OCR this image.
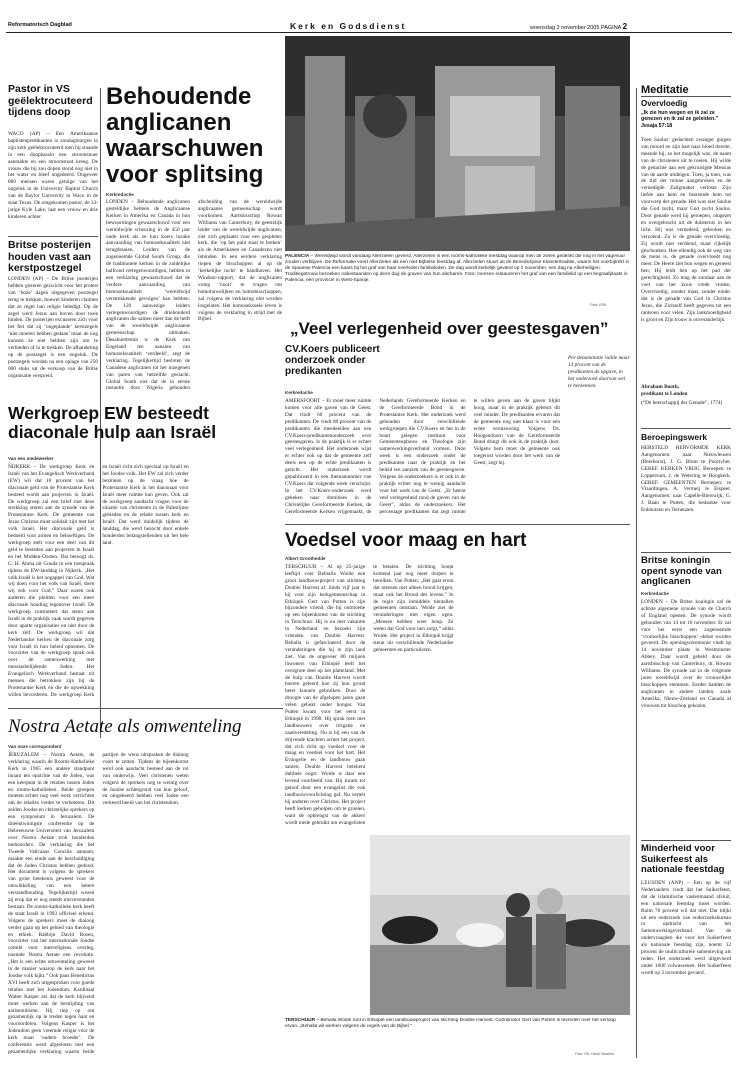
Reformatorisch Dagblad	Kerk en Godsdienst	woensdag 2 november 2005 PAGINA 2
Pastor in VS geëlektrocuteerd tijdens doop
WACO (AP) – Een Amerikaanse baptistenpredikanten is zondagmorgen in zijn kerk geëlektrocuteerd toen hij staande in een doopbassin een stroomsnoer aanraakte en een stroomstoot kreeg. De vrouw die bij zou dopen stond nog niet in het water en bleef ongedeerd. Ongeveer 800 mensen waren getuige van het ongeluk in de University Baptist Church van de Baylor University in Waco in de staat Texas. De omgekomen pastor, de 33-jarige Kyle Lake, laat een vrouw en drie kinderen achter.
Britse posterijen houden vast aan kerstpostzegel
LONDEN (AP) – De Britse posterijen hebben gisteren gezwicht voor het protest van ‘boze’ dagen uitgegeven postzegel terug te trekken, hoewel kinderen claimen dat ze regel han religie beledigt. Op de zegel werd Jezus aan boven door twee hinden. De posterijen excuseren zich voor het feit dat zij ‘ongeplande’ kerstzegels ‘niet moeten hebben gedaan’ maar de nog kunnen ze niet hebben zijn om te verbieden of in te trekken. De afhandeling op de postzegel is een ongeluk. De postzegels worden na een oplage van 250 000 stuks uit de verkoop van de Britse organisatie verspreid.
Behoudende anglicanen waarschuwen voor splitsing
Kerkredactie
LONDEN – Behoudende anglicanen gesteldijke hebben de Anglicaanse Kerken in Amerika en Canada in hun bewoordingen gewaarschuwd voor een wereldwijde scheuring in de 450 jaar oude kerk als ze hun koers inzake aanvaarding van homoseksualiteit niet terugdraaien. Leiders van de zogenoemde Global South Group, die de traditionele kerken in de zuidelijke halfrond vertegenwoordigen, hebben in een verklaring gewaarschuwd dat de verdere aanvaarding van homoseksualiteit ‘wereldwijd verstrekkende gevolgen’ kan hebben. De 120 aanwezige leiders vertegenwoordigen de driehonderd anglicanen die samen meer dan de helft van de wereldwijde anglicaanse gemeenschap uitmaken. Desalniettemin is de Kerk van Engeland ten aanzien van homoseksualiteit ‘verdeeld’, zegt de verklaring. Tegelijkertijd besloten de Canadese anglicanen tot het inzegenen van paren van hetzelfde geslacht. Global South eist dat de in eerste instantie door Nigeria gehouden afscheiding van de wereldwijde anglicaanse gemeenschap wordt voorkomen. Aartsbisschop Rowan Williams van Canterbury, de geestelijk leider van de wereldwijde anglicanen, ziet zich geplaatst voor een gespleten kerk, die ‘op het punt staat te breken’ als de Amerikanen en Canadezen niet inbinden. In een eerdere verklaring riepen de bisschoppen al op de ‘kerkelijke tucht’ te handhaven. Het Windsor-rapport, dat de anglicanen vroeg ‘nooit’ te vragen om homohuwelijken en homobisschoppen, zal volgens de verklaring niet worden losgelaten. Het homoseksuele leven is volgens de verklaring in strijd met de Bijbel.
PALENCIA – Wereldwijd wordt vandaag Allerzielen gevierd. Allerzielen is een rooms-katholieke feestdag waarop men de zielen gedenkt die nog in het vagevuur zouden verblijven. De Reformatie voert Allerzielen als een niet-Bijbelse feestdag af. Allerzielen stuurt uit de Benedictijnse Kloostertraditie, waarin het voorbijtrekt in de Spaanse Palencia een kaars bij het graf van haar overleden familieleden. De dag wordt kerkelijk gevierd op 2 november, een dag na Allerheiligen. Traditiegetrouw bezoeken nabestaanden op deze dag de graven van hun dierbaren. Foto: mensen restaureren het graf van een familielid op een begraafplaats in Palencia, een provincie in West-Spanje.
Foto: EPA
„Veel verlegenheid over geestesgaven”
CV.Koers publiceert onderzoek onder predikanten
Kerkredactie
AMERSFOORT – Er moet meer ruimte komen voor alle gaven van de Geest. Dat vindt 60 procent van de predikanten. De vindt 80 procent van de predikanten die meedeelden aan een CV.Koers-predikantenonderzoek over geestesgaven. Is de praktijk is er echter veel verlegenheid. Het onderzoek wijst er echter ook op dat de gemeente zelf deels een op de echte predikanten is gericht. Het onderzoek wordt gepubliceerd in een themanummer van CV.Koers dat volgende week verschijnt. In het CV.Koers-onderzoek werd gekeken naar dominees in de Christelijke Gereformeerde Kerken, de Gereformeerde Kerken vrijgemaakt, de Nederlands Gereformeerde Kerken en de Gereformeerde Bond in de Protestantse Kerk. Het onderzoek werd gehouden door verschillende werkgroepen die CV.Koers en het in de buurt gelegen instituut voor Gemeenteopbouw en Theologie zijn samenwerkingsverband vormen. Deze week is een onderzoek onder de predikanten naar de praktijk en het beleid ten aanzien van de geestesgaven. Volgens de onderzoekers is er ook in de praktijk echter nog te weinig aandacht voor het werk van de Geest. „Er heerst veel verlegenheid rond de gaven van de Geest”, aldus de onderzoekers. Het percentage predikanten dat zegt ruimte te willen geven aan de gaven blijkt hoog, maar in de praktijk gebeurt dit veel minder. De predikanten ervaren dat de gemeente nog niet klaar is voor een echte vernieuwing. Volgens Ds. Hoogendoorn van de Gereformeerde Bond dringt dit ook in de praktijk door. Volgens hem moet de gemeente ook toegerust worden door het werk van de Geest, zegt hij.
Per denominatie ruilde maar 14 procent van de predikanten de opgave, in het onderzoek daarvan wel te herkennen.
Werkgroep EW besteedt diaconale hulp aan Israël
Van een medewerker
NIJKERK – De werkgroep Kerk en Israël van het Evangelisch Werkverband (EW) wil dat 10 procent van het diaconale geld van de Protestantse Kerk besteed wordt aan projecten in Israël. De werkgroep zal een brief met deze strekking sturen aan de synode van de Protestantse Kerk. De gemeente van Jezus Christus moet solidair zijn met het volk Israël. Het diaconale geld is bedoeld voor armen en behoeftigen. De werkgroep stelt voor een deel van dit geld te besteden aan projecten in Israël en het Midden-Oosten. Dat betoogt ds. G. H. Abma uit Gouda in een toespraak tijdens de EW-landdag in Nijkerk. „Het volk Israël is het oogappel van God. Wat wij doen voor het volk van Israël, doen wij ook voor God.” Daar waren ook anderen die pleitten voor een meer diaconale houding tegenover Israël. De werkgroep constateert dat steun aan Israël in de praktijk vaak wordt gegeven door aparte organisaties en niet door de kerk zelf. De werkgroep wil dat Nederlandse kerken de diaconale zorg voor Israël in hun beleid opnemen. De voorzitter van de werkgroep sprak ook over de samenwerking met messiasbelijdende Joden. Het Evangelisch Werkverband bestaat uit mensen die betrokken zijn bij de Protestantse Kerk en die de opwekking willen bevorderen. De werkgroep Kerk en Israël richt zich speciaal op Israël en het Joodse volk. Het EW zal zich verder bezinnen op de vraag hoe de Protestantse Kerk in het diaconaat voor Israël meer ruimte kan geven. Ook zal de werkgroep aandacht vragen voor de situatie van christenen in de Palestijnse gebieden en de relatie tussen kerk en Israël. Dat werd duidelijk tijdens de landdag, die werd bezocht door enkele honderden belangstellenden uit het hele land.
Nostra Aetate als omwenteling
Van onze correspondent
JERUZALEM – Nostra Aetate, de verklaring waarin de Rooms-Katholieke Kerk in 1965 een andere standpunt innam ten opzichte van de Joden, was een keerpunt in de relaties tussen Joden en rooms-katholieken. Beide groepen moeten echter nog veel werk verrichten om de relaties verder te verbeteren. Dit zeiden Joodse en christelijke sprekers op een symposium in Jeruzalem. De drieëntwintigste conferentie op de Hebreeuwse Universiteit van Jeruzalem over Nostra Aetate trok honderden toehoorders. De verklaring die het Tweede Vaticaans Concilie aannam, maakte een einde aan de beschuldiging dat de Joden Christus hebben gedood. Het document is volgens de sprekers van grote betekenis geweest voor de ontwikkeling van een betere verstandhouding. Tegelijkertijd wezen zij erop dat er nog steeds misverstanden bestaan. De rooms-katholieke kerk heeft de staat Israël in 1993 officieel erkend. Volgens de sprekers moet de dialoog verder gaan op het gebied van theologie en ethiek. Rabbijn David Rosen, voorzitter van het internationale Joodse comité voor interreligieus overleg, noemde Nostra Aetate een revolutie. „Het is een echte omwenteling geweest in de manier waarop de kerk naar het Joodse volk kijkt.” Ook paus Benedictus XVI heeft zich uitgesproken voor goede relaties met het Jodendom. Kardinaal Walter Kasper zei dat de kerk blijvend moet werken aan de bestrijding van antisemitisme. Hij riep op om gezamenlijk op te treden tegen haat en vooroordelen. Volgens Kasper is het Jodendom geen vreemde religie voor de kerk maar ‘oudere broeder’. De conferentie werd afgesloten met een gezamenlijke verklaring waarin beide partijen de wens uitspraken de dialoog voort te zetten. Tijdens de bijeenkomst werd ook aandacht besteed aan de rol van onderwijs. Veel christenen weten volgens de sprekers nog te weinig over de Joodse achtergrond van hun geloof, en omgekeerd hebben veel Joden een verkeerd beeld van het christendom.
Voedsel voor maag en hart
Albert Groothedde
TERSCHUUR – Al op 25-jarige leeftijd voer Belhalla Wolde een groot landbouwproject van stichting Double Harvest af. Sinds vijf jaar is hij voor zijn kerkgemeenschap in Ethiopië. Gert van Putten is zijn bijzondere vriend, die hij ontmoette op een bijeenkomst van de stichting in Terschuur. Hij is nu met vakantie in Nederland en bezoekt zijn vrienden van Double Harvest. Behalla is gefascineerd door de veranderingen die hij in zijn land ziet. Van de ongeveer 80 miljoen inwoners van Ethiopië leeft het overgrote deel op het platteland. Met de hulp van Double Harvest wordt boeren geleerd hoe zij hun grond beter kunnen gebruiken. Door de droogte van de afgelopen jaren gaan velen gebukt onder honger. Van Putten kwam voor het eerst in Ethiopië in 1998. Hij sprak toen met landbouwers over irrigatie en zaadveredeling. Nu is hij een van de drijvende krachten achter het project, dat zich richt op voedsel voor de maag en voedsel voor het hart. Het Evangelie en de landbouw gaan samen. Double Harvest betekent dubbele oogst. Wolde is daar een levend voorbeeld van. Hij kwam tot geloof door een evangelist die ook landbouwvoorlichting gaf. Nu vertelt hij anderen over Christus. Het project heeft kerken geholpen om te groeien, want de opbrengst van de akkers wordt mede gebruikt om evangelisten te betalen. De stichting hoopt komend jaar nog meer dorpen te bereiken. Van Putten: „Het gaat erom dat mensen niet alleen brood krijgen, maar ook het Brood des levens.” In de regio zijn inmiddels tientallen gemeenten ontstaan. Wolde ziet de veranderingen met eigen ogen. „Mensen hebben weer hoop. Ze weten dat God voor hen zorgt,” aldus Wolde. Het project in Ethiopië krijgt steun uit verschillende Nederlandse gemeenten en particulieren.
TERSCHUUR – Behalla Wolde runt in Ethiopië een landbouwproject van stichting Double Harvest. Coördinator Gert van Putten is tevreden over het verloop ervan. „Behalla wil werken volgens de regels van de Bijbel.”
Foto: RD, Henk Visscher
Meditatie
Overvloedig
„Ik zie hun wegen en ik zal ze genezen en ik zal ze geleiden.” Jesaja 57:18
Toen Saulus’ gedachten zwanger gingen van moord en zijn hart naar bloed dorstte, meende hij, zo het mogelijk was, de naam van de christenen uit te roeien. Hij wilde de gedachte aan een gekruisigde Messias van de aarde uitdelgen. Toen, ja toen, was de tijd der minne aangebroken en de vernedigde Zaligmaker verloste Zijn liefde aan hem en bestemde hem tot voorwerp der genade. Het was niet Saulus die God zocht, maar God zocht Saulus. Door genade werd hij geroepen, omgezet en overgebracht uit de duisternis in het licht. Hij was vernederd, gebroken en verzoend. Zo is de genade overvloedig. Zij wordt niet verdiend, maar rijkelijk geschonken. Hoe ellendig ook de weg van de mens is, de genade overvloedt nog meer. De Heere ziet hun wegen en geneest hen; Hij leidt hen op het pad der gerechtigheid. Zo mag de zondaar aan de voet van het kruis vrede vinden. Overvloedig, zonder maat, zonder einde: dat is de genade van God in Christus Jezus, die Zichzelf heeft gegeven tot een rantsoen voor velen. Zijn lankmoedigheid is groot en Zijn trouw is onveranderlijk.
Abraham Booth,
predikant te Londen
(“De heerschappij der Genade”, 1774)
Beroepingswerk
HERSTELD HERVORMDE KERK Aangenomen: naar Nieuwleusen (Beerhorst), J. G. Blom te Poortvliet. GEREF. KERKEN VRIJG. Beroepen: te Loppersum, J. de Wetering te Hoogkerk. GEREF. GEMEENTEN Beroepen: te Vlaardingen, A. Vermeij te Elspeet. Aangenomen: naar Capelle-Bleiswijk, G. J. Baan te Putten, die bedankte voor Enkhuizen en Terneuzen.
Britse koningin opent synode van anglicanen
Kerkredactie
LONDEN – De Britse koningin zal de achtste algemene synode van de Church of England openen. De synode wordt gehouden van 14 tot 16 november. Er zal voor het eerst een zogenoemde ‘vrouwelijke bisschoppen’ -debat worden gevoerd. De openingsceremonie vindt op 14 november plaats in Westminster Abbey. Daar wordt gebeld door de aartsbisschop van Canterbury, dr. Rowan Williams. De synode zal in de volgende jaren wereldwijd over de vrouwelijke bisschoppen stemmen. Eerder hadden de anglicanen in andere landen, zoals Amerika, Nieuw-Zeeland en Canada al vrouwen tot bisschop gekozen.
Minderheid voor Suikerfeest als nationale feestdag
LEUSDEN (ANP) – Een op de vijf Nederlanders vindt dat het Suikerfeest, dat de islamitische vastenmaand afsluit, een nationale feestdag moet worden. Ruim 70 procent wil dat niet. Dat blijkt uit een onderzoek van onderzoeksbureau in opdracht van het Samenwerkingsverband. Van de ondervraagden die voor het Suikerfeest als nationale feestdag zijn, noemt 12 procent de multiculturele samenleving als reden. Het onderzoek werd uitgevoerd onder 1000 volwassenen. Het Suikerfeest wordt op 3 november gevierd.
